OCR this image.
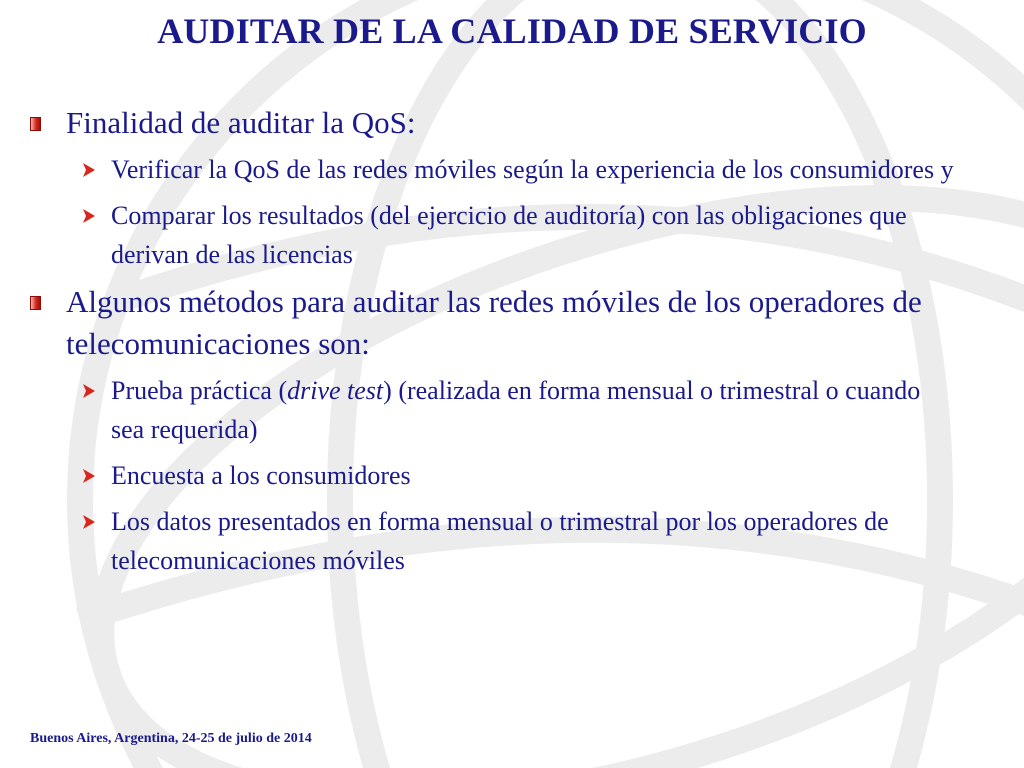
AUDITAR DE LA CALIDAD DE SERVICIO
Finalidad de auditar la QoS:
Verificar la QoS de las redes móviles según la experiencia de los consumidores y
Comparar los resultados (del ejercicio de auditoría) con las obligaciones que derivan de las licencias
Algunos métodos para auditar las redes móviles de los operadores de telecomunicaciones son:
Prueba práctica (drive test) (realizada en forma mensual o trimestral o cuando sea requerida)
Encuesta a los consumidores
Los datos presentados en forma mensual o trimestral por los operadores de telecomunicaciones móviles
Buenos Aires, Argentina, 24-25 de julio de 2014
